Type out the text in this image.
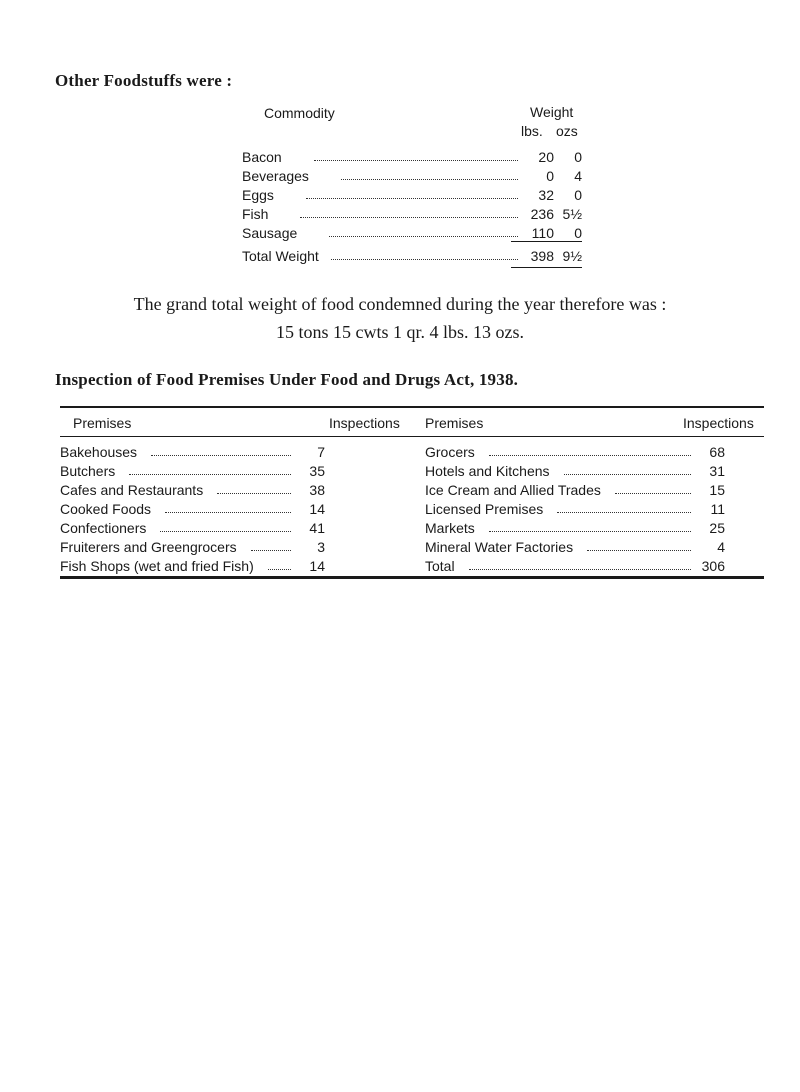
Other Foodstuffs were :
Commodity	Weight
lbs. ozs
Bacon	20	0
Beverages	0	4
Eggs	32	0
Fish	236 5½
Sausage	110	0
Total Weight	398 9½
The grand total weight of food condemned during the year therefore was :
15 tons 15 cwts 1 qr. 4 lbs. 13 ozs.
Inspection of Food Premises Under Food and Drugs Act, 1938.
Premises	Inspections Premises	Inspections
Bakehouses	7
Butchers	35
Cafes and Restaurants	38
Cooked Foods	14
Confectioners	41
Fruiterers and Greengrocers	3
Fish Shops (wet and fried Fish)	14
Grocers	68
Hotels and Kitchens	31
Ice Cream and Allied Trades	15
Licensed Premises	11
Markets	25
Mineral Water Factories	4
Total	306
